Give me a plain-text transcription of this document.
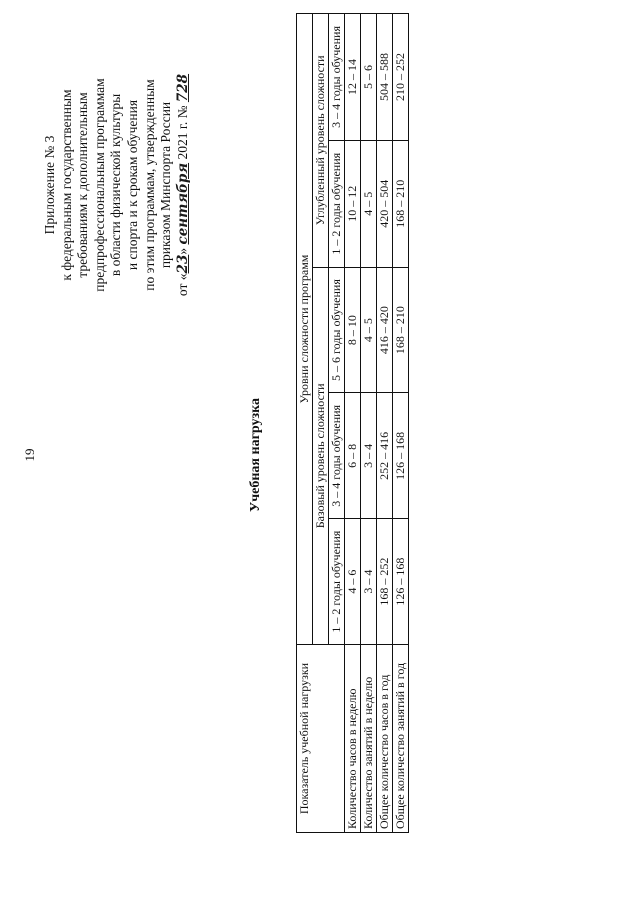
19
Приложение № 3 к федеральным государственным требованиям к дополнительным предпрофессиональным программам в области физической культуры и спорта и к срокам обучения по этим программам, утвержденным приказом Минспорта России
от «23» сентября 2021 г. № 728
Учебная нагрузка
Показатель учебной нагрузки	Уровни сложности программ				
	Базовый уровень сложности			Углубленный уровень сложности	
	1 – 2 годы обучения	3 – 4 годы обучения	5 – 6 годы обучения	1 – 2 годы обучения	3 – 4 годы обучения
Количество часов в неделю	4 – 6	6 – 8	8 – 10	10 – 12	12 – 14
Количество занятий в неделю	3 – 4	3 – 4	4 – 5	4 – 5	5 – 6
Общее количество часов в год	168 – 252	252 – 416	416 – 420	420 – 504	504 – 588
Общее количество занятий в год	126 – 168	126 – 168	168 – 210	168 – 210	210 – 252
